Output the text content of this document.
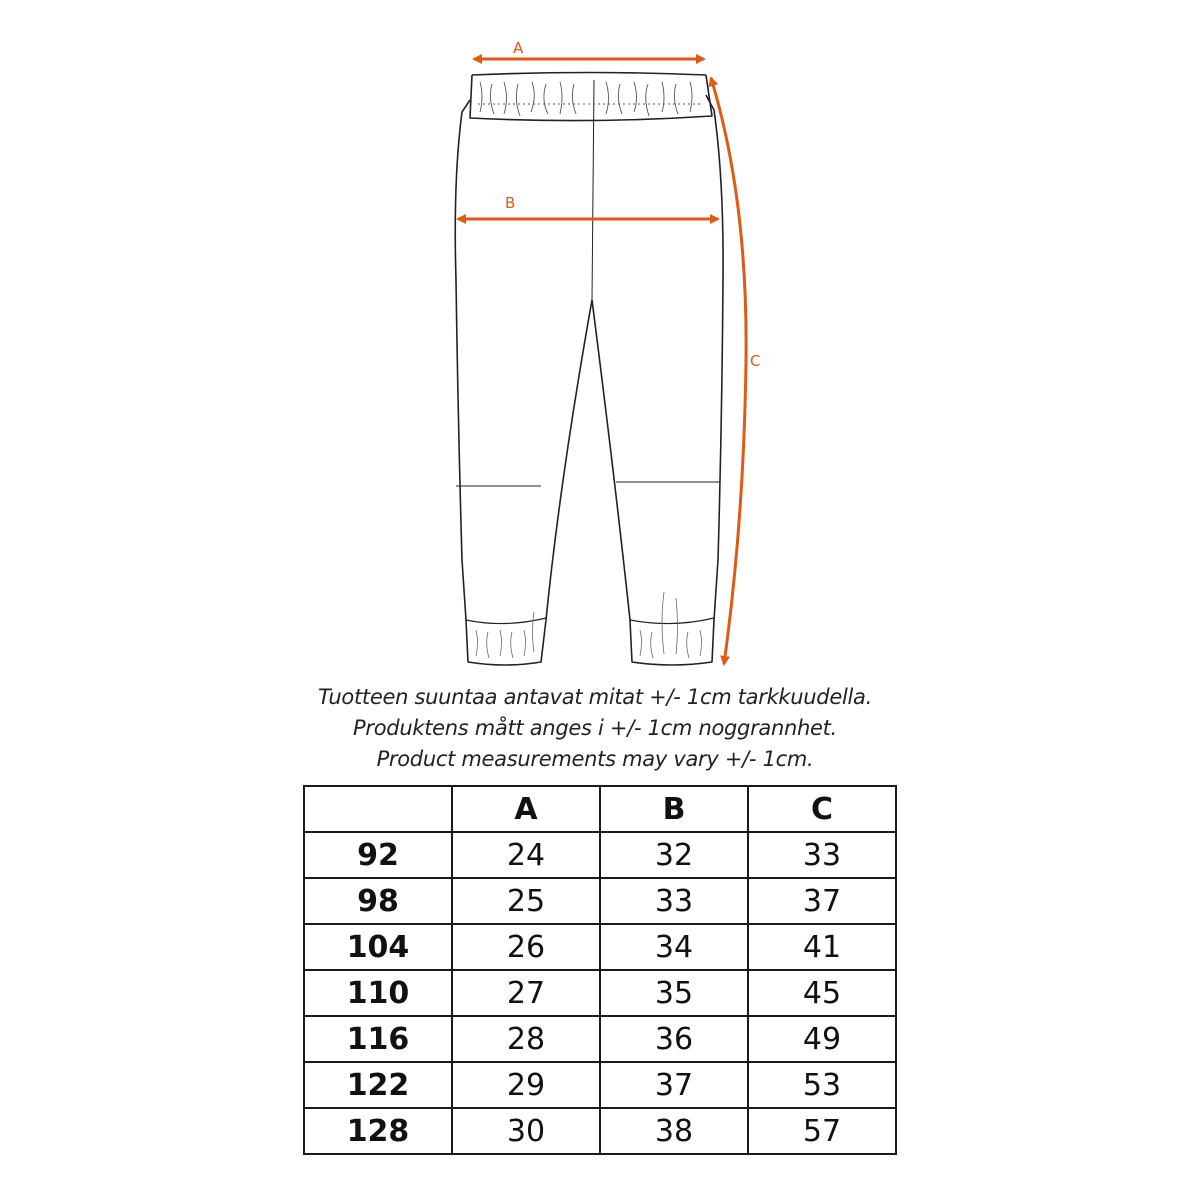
A
B
C
Tuotteen suuntaa antavat mitat +/- 1cm tarkkuudella.
Produktens mått anges i +/- 1cm noggrannhet.
Product measurements may vary +/- 1cm.
	A	B	C
92	24	32	33
98	25	33	37
104	26	34	41
110	27	35	45
116	28	36	49
122	29	37	53
128	30	38	57
